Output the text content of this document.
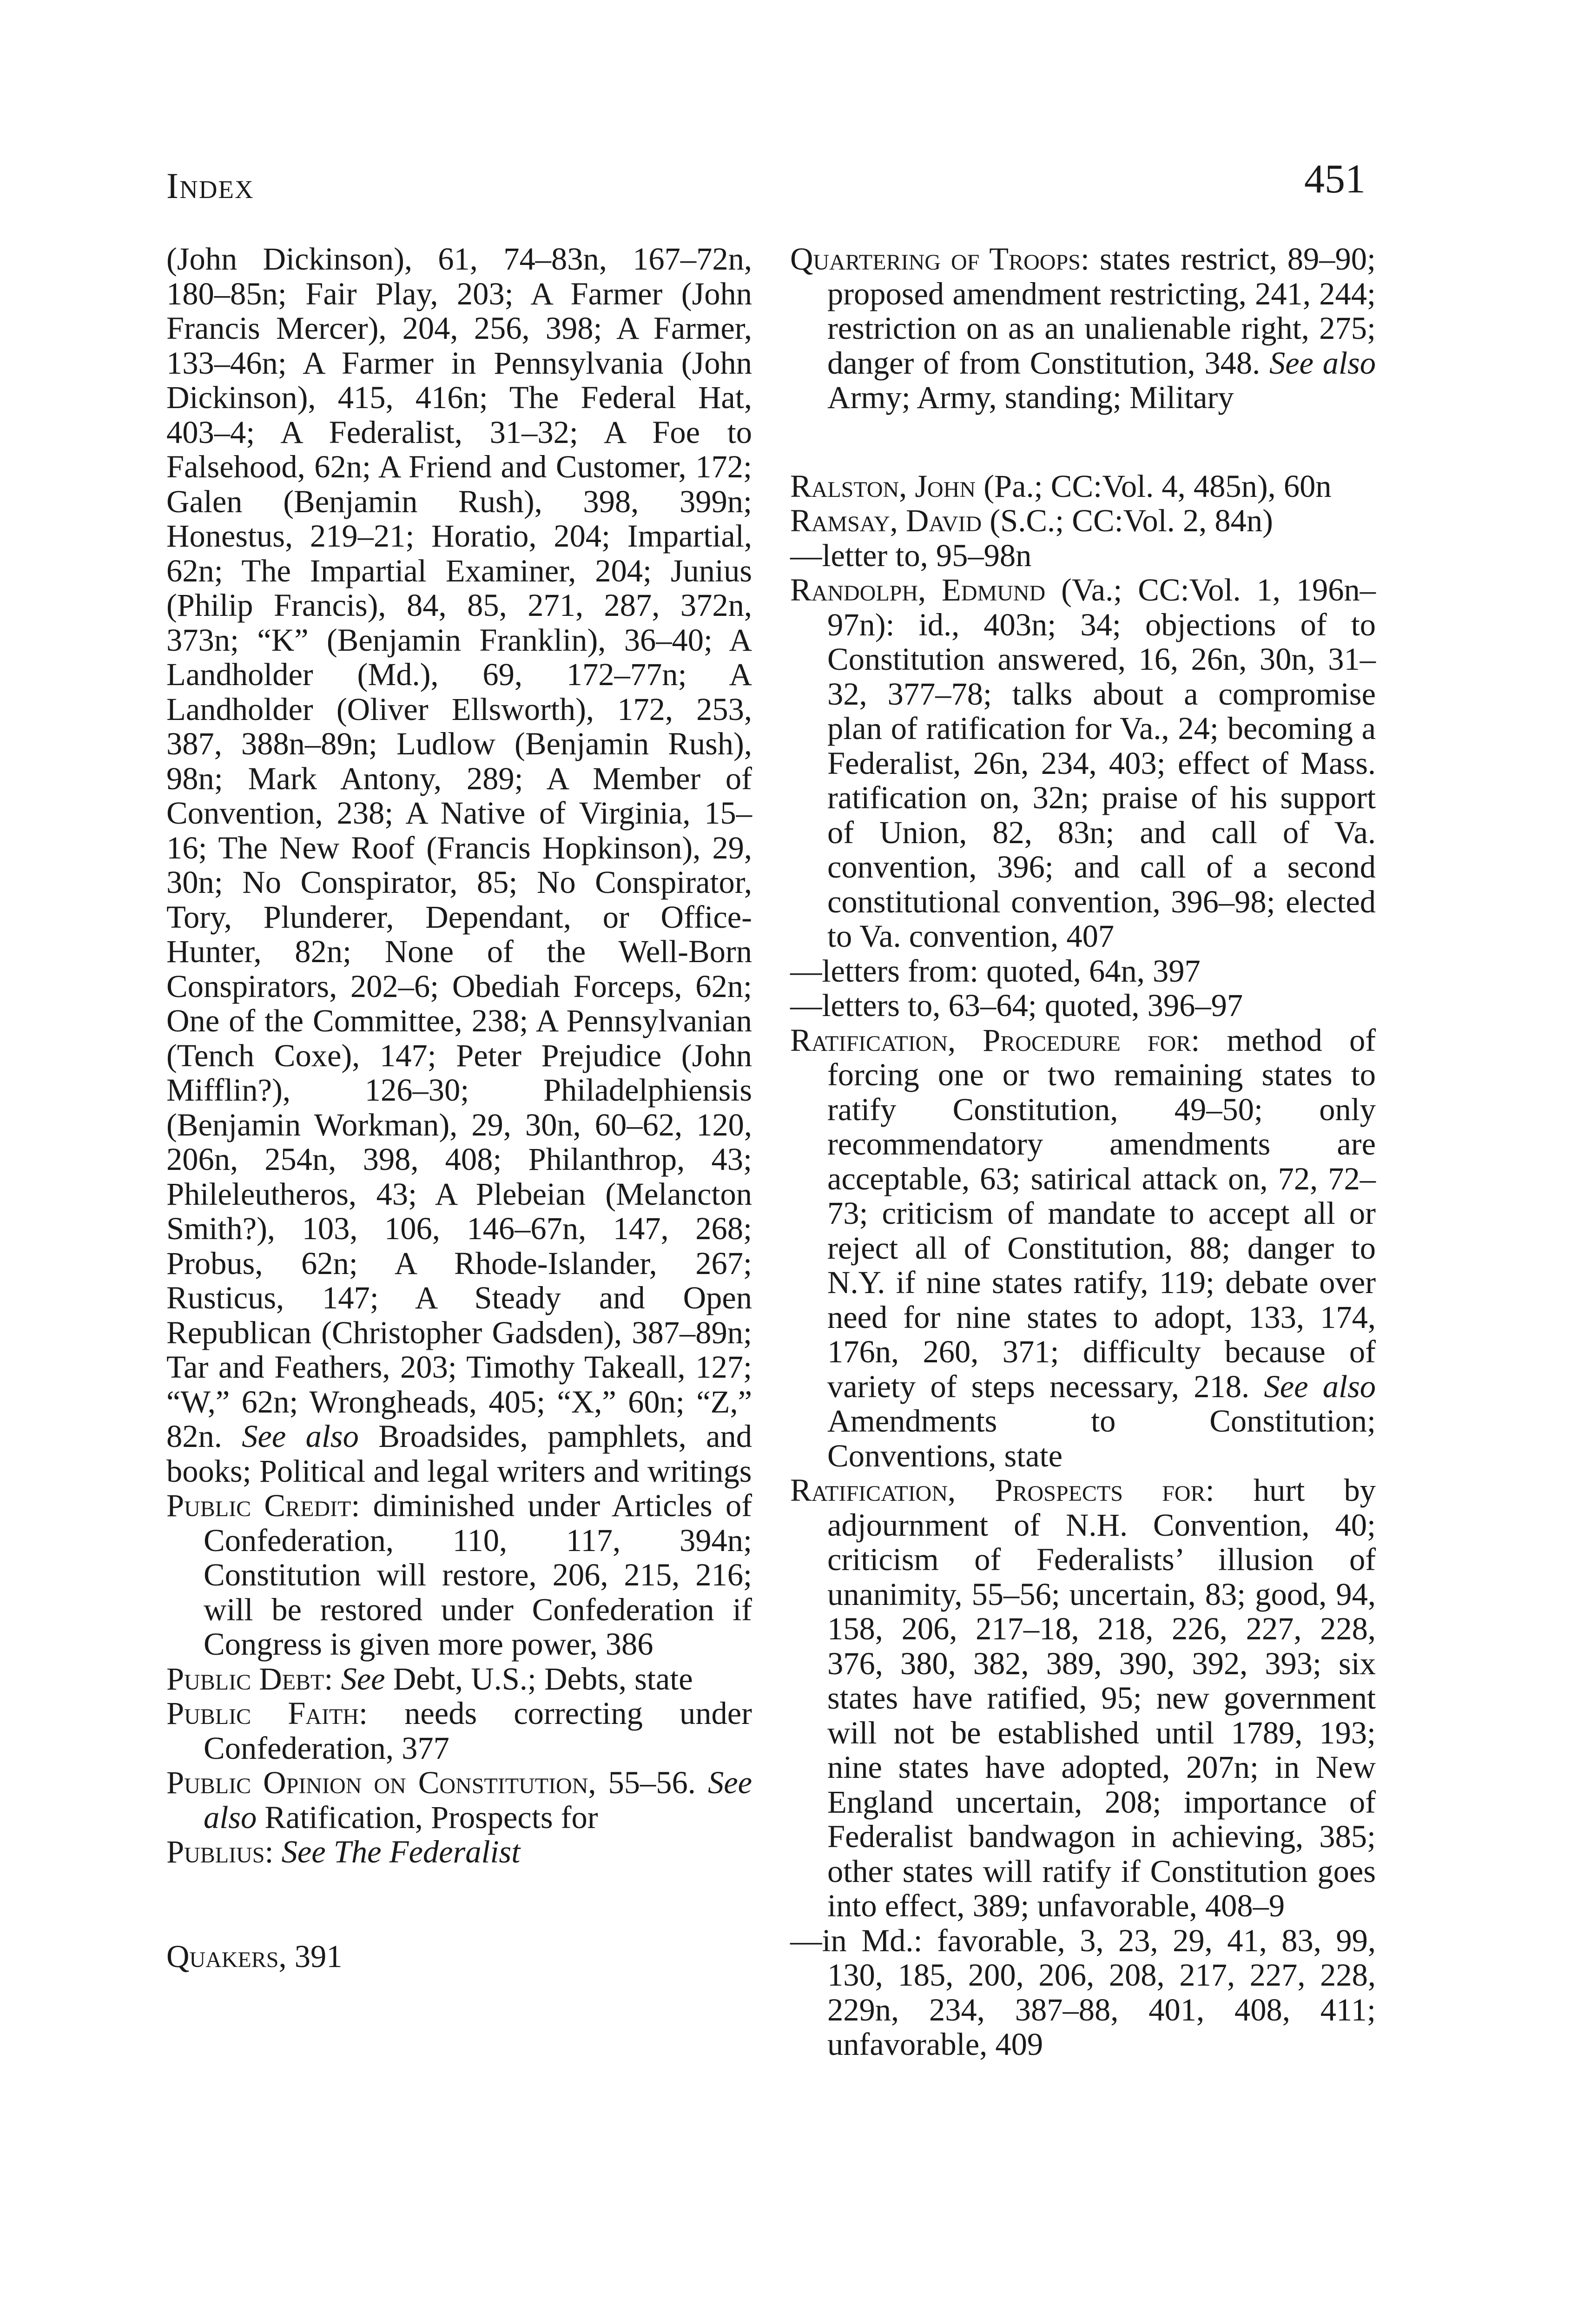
Index	451

(John Dickinson), 61, 74–83n, 167–72n, 180–85n; Fair Play, 203; A Farmer (John Francis Mercer), 204, 256, 398; A Farmer, 133–46n; A Farmer in Pennsylvania (John Dickinson), 415, 416n; The Federal Hat, 403–4; A Federalist, 31–32; A Foe to Falsehood, 62n; A Friend and Customer, 172; Galen (Benjamin Rush), 398, 399n; Honestus, 219–21; Horatio, 204; Impartial, 62n; The Impartial Examiner, 204; Junius (Philip Francis), 84, 85, 271, 287, 372n, 373n; “K” (Benjamin Franklin), 36–40; A Landholder (Md.), 69, 172–77n; A Landholder (Oliver Ellsworth), 172, 253, 387, 388n–89n; Ludlow (Benjamin Rush), 98n; Mark Antony, 289; A Member of Convention, 238; A Native of Virginia, 15–16; The New Roof (Francis Hopkinson), 29, 30n; No Conspirator, 85; No Conspirator, Tory, Plunderer, Dependant, or Office-Hunter, 82n; None of the Well-Born Conspirators, 202–6; Obediah Forceps, 62n; One of the Committee, 238; A Pennsylvanian (Tench Coxe), 147; Peter Prejudice (John Mifflin?), 126–30; Philadelphiensis (Benjamin Workman), 29, 30n, 60–62, 120, 206n, 254n, 398, 408; Philanthrop, 43; Phileleutheros, 43; A Plebeian (Melancton Smith?), 103, 106, 146–67n, 147, 268; Probus, 62n; A Rhode-Islander, 267; Rusticus, 147; A Steady and Open Republican (Christopher Gadsden), 387–89n; Tar and Feathers, 203; Timothy Takeall, 127; “W,” 62n; Wrongheads, 405; “X,” 60n; “Z,” 82n. See also Broadsides, pamphlets, and books; Political and legal writers and writings

Public Credit: diminished under Articles of Confederation, 110, 117, 394n; Constitution will restore, 206, 215, 216; will be restored under Confederation if Congress is given more power, 386

Public Debt: See Debt, U.S.; Debts, state

Public Faith: needs correcting under Confederation, 377

Public Opinion on Constitution, 55–56. See also Ratification, Prospects for

Publius: See The Federalist

Quakers, 391

Quartering of Troops: states restrict, 89–90; proposed amendment restricting, 241, 244; restriction on as an unalienable right, 275; danger of from Constitution, 348. See also Army; Army, standing; Military

Ralston, John (Pa.; CC:Vol. 4, 485n), 60n

Ramsay, David (S.C.; CC:Vol. 2, 84n)

—letter to, 95–98n

Randolph, Edmund (Va.; CC:Vol. 1, 196n–97n): id., 403n; 34; objections of to Constitution answered, 16, 26n, 30n, 31–32, 377–78; talks about a compromise plan of ratification for Va., 24; becoming a Federalist, 26n, 234, 403; effect of Mass. ratification on, 32n; praise of his support of Union, 82, 83n; and call of Va. convention, 396; and call of a second constitutional convention, 396–98; elected to Va. convention, 407

—letters from: quoted, 64n, 397

—letters to, 63–64; quoted, 396–97

Ratification, Procedure for: method of forcing one or two remaining states to ratify Constitution, 49–50; only recommendatory amendments are acceptable, 63; satirical attack on, 72, 72–73; criticism of mandate to accept all or reject all of Constitution, 88; danger to N.Y. if nine states ratify, 119; debate over need for nine states to adopt, 133, 174, 176n, 260, 371; difficulty because of variety of steps necessary, 218. See also Amendments to Constitution; Conventions, state

Ratification, Prospects for: hurt by adjournment of N.H. Convention, 40; criticism of Federalists’ illusion of unanimity, 55–56; uncertain, 83; good, 94, 158, 206, 217–18, 218, 226, 227, 228, 376, 380, 382, 389, 390, 392, 393; six states have ratified, 95; new government will not be established until 1789, 193; nine states have adopted, 207n; in New England uncertain, 208; importance of Federalist bandwagon in achieving, 385; other states will ratify if Constitution goes into effect, 389; unfavorable, 408–9

—in Md.: favorable, 3, 23, 29, 41, 83, 99, 130, 185, 200, 206, 208, 217, 227, 228, 229n, 234, 387–88, 401, 408, 411; unfavorable, 409
